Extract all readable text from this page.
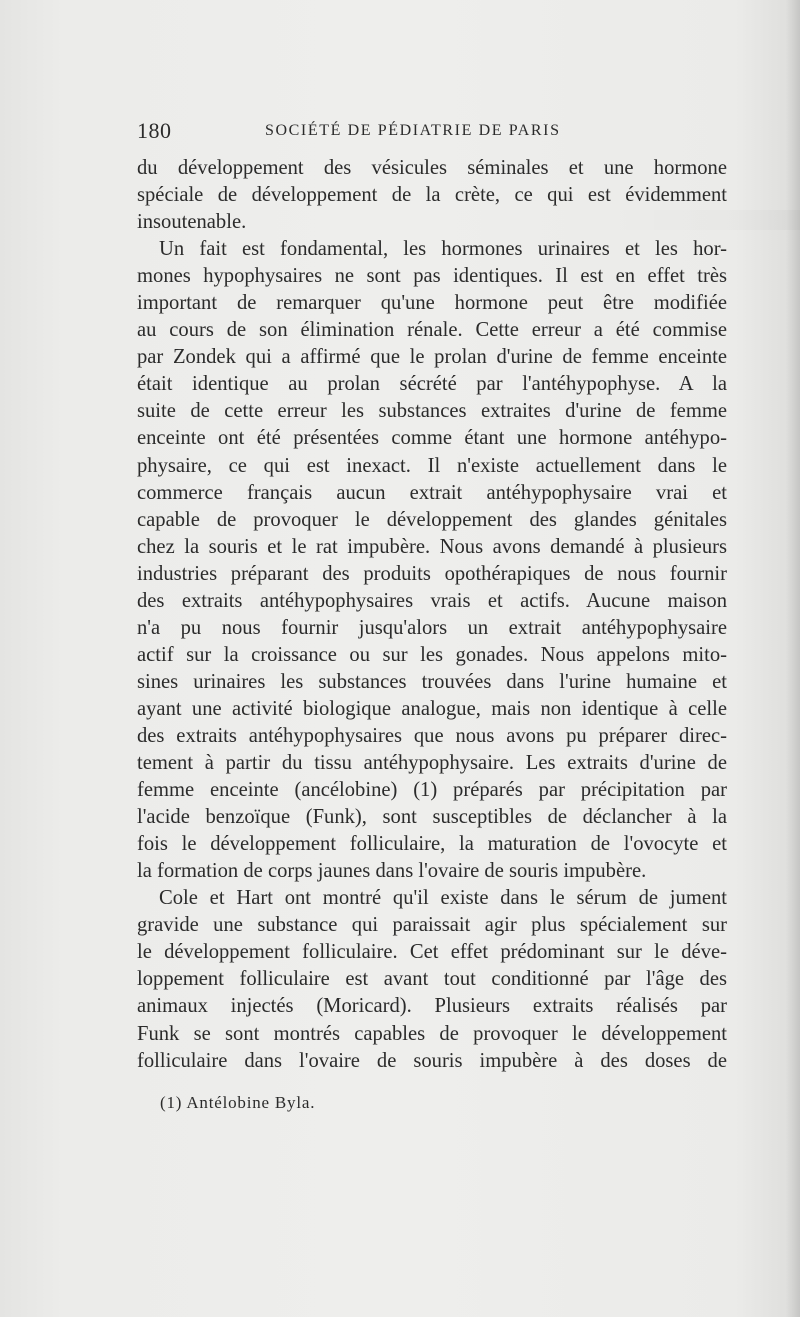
180	SOCIÉTÉ DE PÉDIATRIE DE PARIS
du développement des vésicules séminales et une hormone
spéciale de développement de la crète, ce qui est évidemment
insoutenable.
Un fait est fondamental, les hormones urinaires et les hor-
mones hypophysaires ne sont pas identiques. Il est en effet très
important de remarquer qu'une hormone peut être modifiée
au cours de son élimination rénale. Cette erreur a été commise
par Zondek qui a affirmé que le prolan d'urine de femme enceinte
était identique au prolan sécrété par l'antéhypophyse. A la
suite de cette erreur les substances extraites d'urine de femme
enceinte ont été présentées comme étant une hormone antéhypo-
physaire, ce qui est inexact. Il n'existe actuellement dans le
commerce français aucun extrait antéhypophysaire vrai et
capable de provoquer le développement des glandes génitales
chez la souris et le rat impubère. Nous avons demandé à plusieurs
industries préparant des produits opothérapiques de nous fournir
des extraits antéhypophysaires vrais et actifs. Aucune maison
n'a pu nous fournir jusqu'alors un extrait antéhypophysaire
actif sur la croissance ou sur les gonades. Nous appelons mito-
sines urinaires les substances trouvées dans l'urine humaine et
ayant une activité biologique analogue, mais non identique à celle
des extraits antéhypophysaires que nous avons pu préparer direc-
tement à partir du tissu antéhypophysaire. Les extraits d'urine de
femme enceinte (ancélobine) (1) préparés par précipitation par
l'acide benzoïque (Funk), sont susceptibles de déclancher à la
fois le développement folliculaire, la maturation de l'ovocyte et
la formation de corps jaunes dans l'ovaire de souris impubère.
Cole et Hart ont montré qu'il existe dans le sérum de jument
gravide une substance qui paraissait agir plus spécialement sur
le développement folliculaire. Cet effet prédominant sur le déve-
loppement folliculaire est avant tout conditionné par l'âge des
animaux injectés (Moricard). Plusieurs extraits réalisés par
Funk se sont montrés capables de provoquer le développement
folliculaire dans l'ovaire de souris impubère à des doses de
(1) Antélobine Byla.
